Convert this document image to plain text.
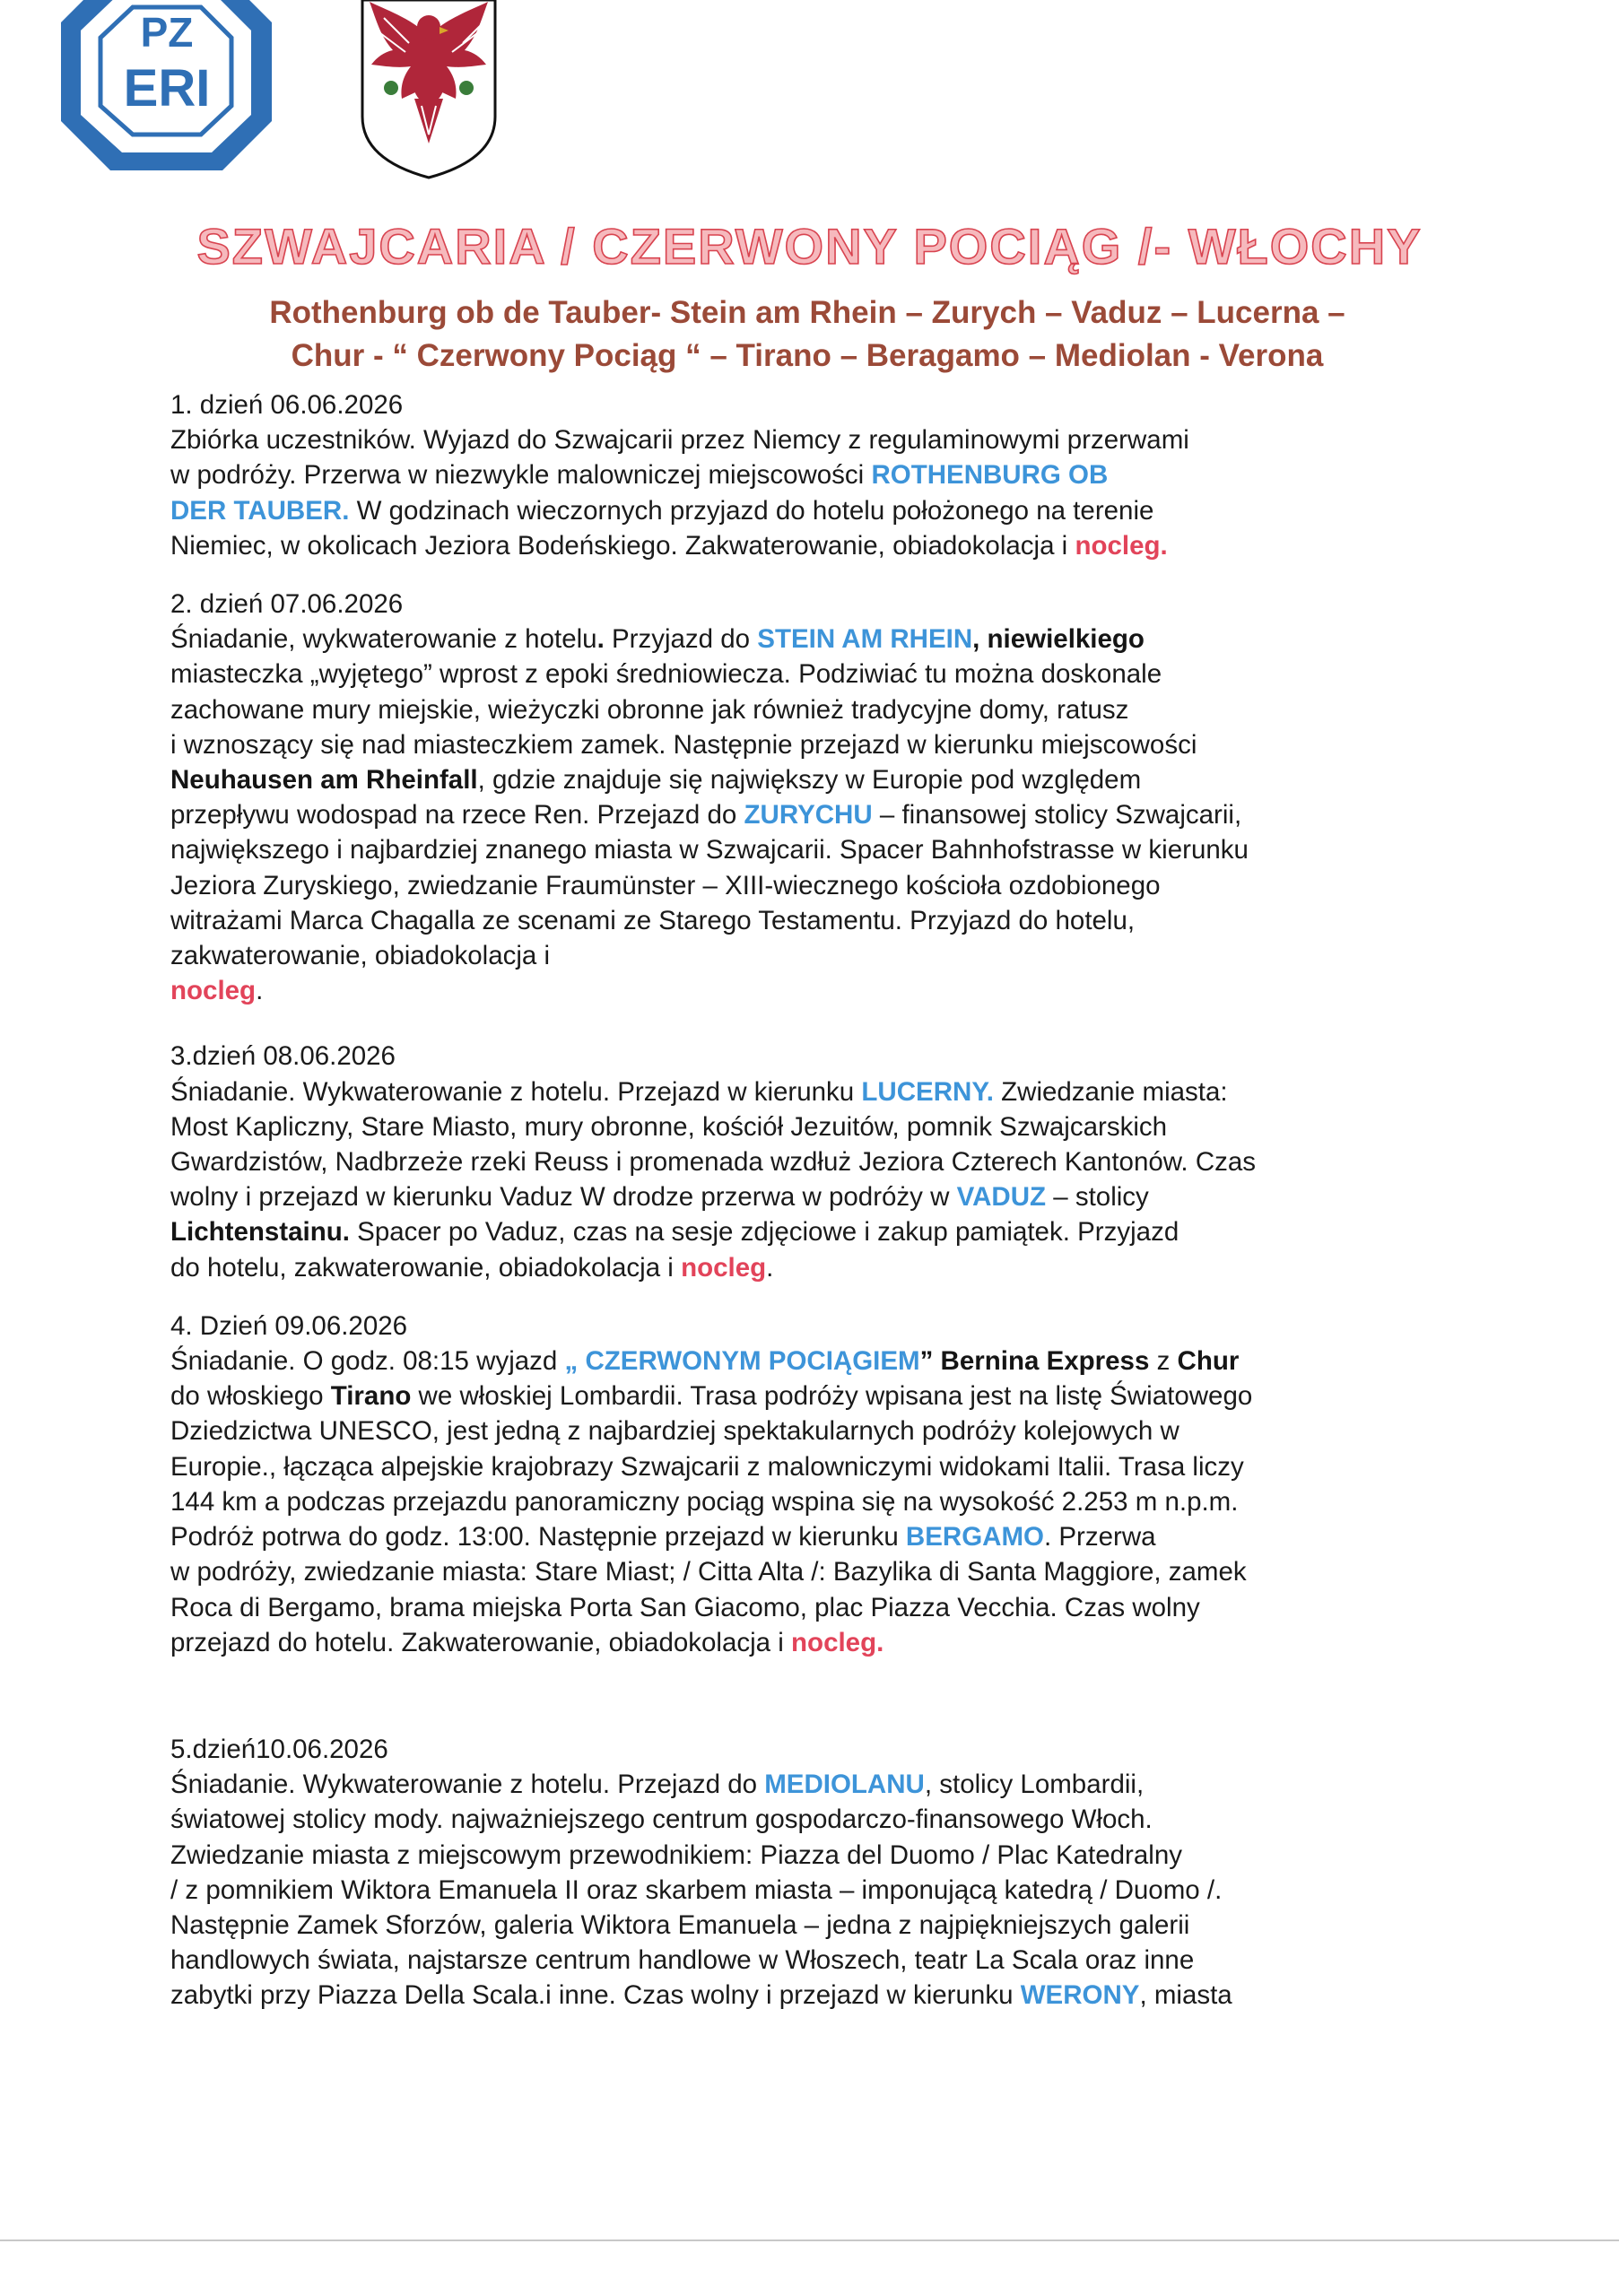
PZ
ERI
SZWAJCARIA / CZERWONY POCIĄG /- WŁOCHY
Rothenburg ob de Tauber- Stein am Rhein – Zurych – Vaduz – Lucerna –
Chur - “ Czerwony Pociąg “ – Tirano – Beragamo – Mediolan - Verona

1. dzień 06.06.2026

Zbiórka uczestników. Wyjazd do Szwajcarii przez Niemcy z regulaminowymi przerwami

w podróży. Przerwa w niezwykle malowniczej miejscowości ROTHENBURG OB

DER TAUBER. W godzinach wieczornych przyjazd do hotelu położonego na terenie

Niemiec, w okolicach Jeziora Bodeńskiego. Zakwaterowanie, obiadokolacja i nocleg.

2. dzień 07.06.2026

Śniadanie, wykwaterowanie z hotelu. Przyjazd do STEIN AM RHEIN, niewielkiego

miasteczka „wyjętego” wprost z epoki średniowiecza. Podziwiać tu można doskonale

zachowane mury miejskie, wieżyczki obronne jak również tradycyjne domy, ratusz

i wznoszący się nad miasteczkiem zamek. Następnie przejazd w kierunku miejscowości

Neuhausen am Rheinfall, gdzie znajduje się największy w Europie pod względem

przepływu wodospad na rzece Ren. Przejazd do ZURYCHU – finansowej stolicy Szwajcarii,

największego i najbardziej znanego miasta w Szwajcarii. Spacer Bahnhofstrasse w kierunku

Jeziora Zuryskiego, zwiedzanie Fraumünster – XIII-wiecznego kościoła ozdobionego

witrażami Marca Chagalla ze scenami ze Starego Testamentu. Przyjazd do hotelu,

zakwaterowanie, obiadokolacja i

nocleg.

3.dzień 08.06.2026

Śniadanie. Wykwaterowanie z hotelu. Przejazd w kierunku LUCERNY. Zwiedzanie miasta:

Most Kapliczny, Stare Miasto, mury obronne, kościół Jezuitów, pomnik Szwajcarskich

Gwardzistów, Nadbrzeże rzeki Reuss i promenada wzdłuż Jeziora Czterech Kantonów. Czas

wolny i przejazd w kierunku Vaduz W drodze przerwa w podróży w VADUZ – stolicy

Lichtenstainu. Spacer po Vaduz, czas na sesje zdjęciowe i zakup pamiątek. Przyjazd

do hotelu, zakwaterowanie, obiadokolacja i nocleg.

4. Dzień 09.06.2026

Śniadanie. O godz. 08:15 wyjazd „ CZERWONYM POCIĄGIEM” Bernina Express z Chur

do włoskiego Tirano we włoskiej Lombardii. Trasa podróży wpisana jest na listę Światowego

Dziedzictwa UNESCO, jest jedną z najbardziej spektakularnych podróży kolejowych w

Europie., łącząca alpejskie krajobrazy Szwajcarii z malowniczymi widokami Italii. Trasa liczy

144 km a podczas przejazdu panoramiczny pociąg wspina się na wysokość 2.253 m n.p.m.

Podróż potrwa do godz. 13:00. Następnie przejazd w kierunku BERGAMO. Przerwa

w podróży, zwiedzanie miasta: Stare Miast; / Citta Alta /: Bazylika di Santa Maggiore, zamek

Roca di Bergamo, brama miejska Porta San Giacomo, plac Piazza Vecchia. Czas wolny

przejazd do hotelu. Zakwaterowanie, obiadokolacja i nocleg.

5.dzień10.06.2026

Śniadanie. Wykwaterowanie z hotelu. Przejazd do MEDIOLANU, stolicy Lombardii,

światowej stolicy mody. najważniejszego centrum gospodarczo-finansowego Włoch.

Zwiedzanie miasta z miejscowym przewodnikiem: Piazza del Duomo / Plac Katedralny

/ z pomnikiem Wiktora Emanuela II oraz skarbem miasta – imponującą katedrą / Duomo /.

Następnie Zamek Sforzów, galeria Wiktora Emanuela – jedna z najpiękniejszych galerii

handlowych świata, najstarsze centrum handlowe w Włoszech, teatr La Scala oraz inne

zabytki przy Piazza Della Scala.i inne. Czas wolny i przejazd w kierunku WERONY, miasta
